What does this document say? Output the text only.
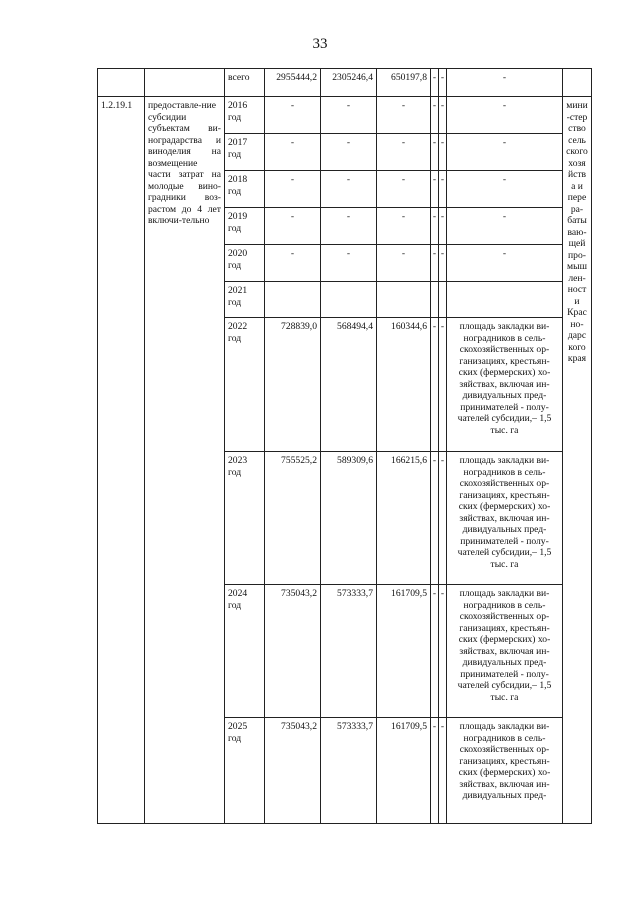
33
		всего	2955444,2	2305246,4	650197,8	-	-	-	
1.2.19.1	предоставле-ние субсидии субъектам ви-ноградарства и виноделия на возмещение части затрат на молодые вино-градники воз-растом до 4 лет включи-тельно	2016 год	-	-	-	-	-	-	мини-стерство сельского хозяйства и перера-батываю-щей про-мышлен-ности Красно-дарского края
		2017 год	-	-	-	-	-	-	
		2018 год	-	-	-	-	-	-	
		2019 год	-	-	-	-	-	-	
		2020 год	-	-	-	-	-	-	
		2021 год							
		2022 год	728839,0	568494,4	160344,6	-	-	площадь закладки ви-ноградников в сель-скохозяйственных ор-ганизациях, крестьян-ских (фермерских) хо-зяйствах, включая ин-дивидуальных пред-принимателей - полу-чателей субсидии,– 1,5 тыс. га	
		2023 год	755525,2	589309,6	166215,6	-	-	площадь закладки ви-ноградников в сель-скохозяйственных ор-ганизациях, крестьян-ских (фермерских) хо-зяйствах, включая ин-дивидуальных пред-принимателей - полу-чателей субсидии,– 1,5 тыс. га	
		2024 год	735043,2	573333,7	161709,5	-	-	площадь закладки ви-ноградников в сель-скохозяйственных ор-ганизациях, крестьян-ских (фермерских) хо-зяйствах, включая ин-дивидуальных пред-принимателей - полу-чателей субсидии,– 1,5 тыс. га	
		2025 год	735043,2	573333,7	161709,5	-	-	площадь закладки ви-ноградников в сель-скохозяйственных ор-ганизациях, крестьян-ских (фермерских) хо-зяйствах, включая ин-дивидуальных пред-	
